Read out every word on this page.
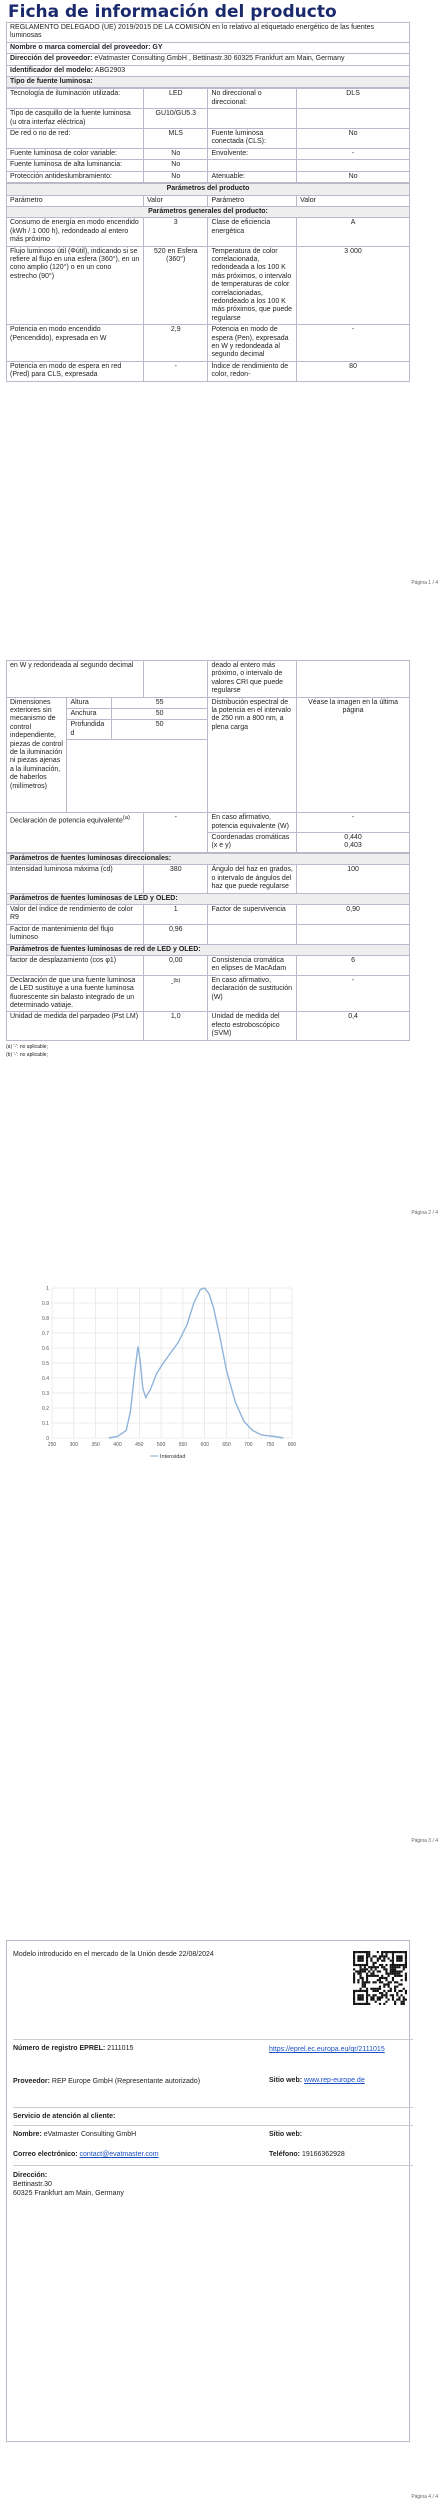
Ficha de información del producto
REGLAMENTO DELEGADO (UE) 2019/2015 DE LA COMISIÓN en lo relativo al etiquetado energético de las fuentes luminosas
Nombre o marca comercial del proveedor: GY
Dirección del proveedor: eVatmaster Consulting GmbH , Bettinastr.30 60325 Frankfurt am Main, Germany
Identificador del modelo: ABG2903
Tipo de fuente luminosa:
Tecnología de iluminación utilizada:	LED	No direccional o direccional:	DLS
Tipo de casquillo de la fuente luminosa
(u otra interfaz eléctrica)	GU10/GU5.3		
De red o no de red:	MLS	Fuente luminosa conectada (CLS):	No
Fuente luminosa de color variable:	No	Envolvente:	-
Fuente luminosa de alta luminancia:	No		
Protección antideslumbramiento:	No	Atenuable:	No
Parámetros del producto			
Parámetro	Valor	Parámetro	Valor
Parámetros generales del producto:			
Consumo de energía en modo encendido (kWh / 1 000 h), redondeado al entero más próximo	3	Clase de eficiencia energética	A
Flujo luminoso útil (Φútil), indicando si se refiere al flujo en una esfera (360°), en un cono amplio (120°) o en un cono estrecho (90°)	520 en Esfera (360°)	Temperatura de color correlacionada, redondeada a los 100 K más próximos, o intervalo de temperaturas de color correlacionadas, redondeado a los 100 K más próximos, que puede regularse	3 000
Potencia en modo encendido (Pencendido), expresada en W	2,9	Potencia en modo de espera (Pen), expresada en W y redondeada al segundo decimal	-
Potencia en modo de espera en red (Pred) para CLS, expresada	-	Índice de rendimiento de color, redon-	80
Página 1 / 4
en W y redondeada al segundo decimal				deado al entero más próximo, o intervalo de valores CRI que puede regularse	
Dimensiones exteriores sin mecanismo de control independiente, piezas de control de la iluminación ni piezas ajenas a la iluminación, de haberlos (milímetros)	Altura	55		Distribución espectral de la potencia en el intervalo de 250 nm a 800 nm, a plena carga	Véase la imagen en la última página
	Anchura	50			
	Profundidad	50			

Declaración de potencia equivalente$^{(a)}$			-	En caso afirmativo, potencia equivalente (W)	-
				Coordenadas cromáticas (x e y)	0,440
0,403
Parámetros de fuentes luminosas direccionales:			
Intensidad luminosa máxima (cd)	380	Ángulo del haz en grados, o intervalo de ángulos del haz que puede regularse	100
Parámetros de fuentes luminosas de LED y OLED:			
Valor del índice de rendimiento de color R9	1	Factor de supervivencia	0,90
Factor de mantenimiento del flujo luminoso	0,96		
Parámetros de fuentes luminosas de red de LED y OLED:			
factor de desplazamiento (cos φ1)	0,00	Consistencia cromática en elipses de MacAdam	6
Declaración de que una fuente luminosa de LED sustituye a una fuente luminosa fluorescente sin balasto integrado de un determinado vatiaje.	-$^{(b)}$	En caso afirmativo, declaración de sustitución (W)	-
Unidad de medida del parpadeo (Pst LM)	1,0	Unidad de medida del efecto estroboscópico (SVM)	0,4
(a) '-': no aplicable;
(b) '-': no aplicable;
Página 2 / 4
0
0.1
0.2
0.3
0.4
0.5
0.6
0.7
0.8
0.9
1
250	300	350	400	450	500	550	600	650	700	750	800
Intensidad
Página 3 / 4
Modelo introducido en el mercado de la Unión desde 22/08/2024
Número de registro EPREL: 2111015	https://eprel.ec.europa.eu/qr/2111015
Proveedor: REP Europe GmbH (Representante autorizado)	Sitio web: www.rep-europe.de
Servicio de atención al cliente:
Nombre: eVatmaster Consulting GmbH	Sitio web:
Correo electrónico: contact@evatmaster.com	Teléfono: 19166362928
Dirección:
Bettinastr.30
60325 Frankfurt am Main, Germany
Página 4 / 4
